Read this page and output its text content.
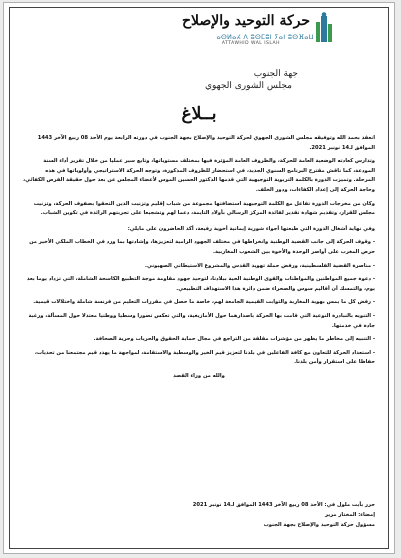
حركة التوحيد والإصلاح
ⴰⵙⵍⴰⵃ ⴷ ⵓⵙⵎⵓⵏ ⵢⴰⵏ ⵓⵙⴼⴰⵡ
ATTAWHID WAL ISLAH
جهة الجنوب
مجلس الشورى الجهوي
بــلاغ

انعقد بحمد الله وتوفيقه مجلس الشورى الجهوي لحركة التوحيد والإصلاح بجهة الجنوب في دورته الرابعة يوم الأحد 08 ربيع الآخر 1443 الموافق لـ14 نونبر 2021.

وتدارس كعادته الوضعية العامة للحركة، والظروف العامة المؤثرة فيها بمختلف مستوياتها، وتابع سير عمليا من خلال تقرير أداء السنة المودعة، كما ناقش مقترح البرنامج السنوي الجديد، في استحضار للظروف المذكورة، وتوجه الحركة الاستراتيجي وأولوياتها في هذه المرحلة. وتميزت الدورة بالكلمة التربوية التوجيهية التي قدمها الدكتور الحسين الموس لأعضاء المجلس عن بعد حول حقيقة الفرص الكفائي، وحاجة الحركة إلى إعداد الكفاءات، ودور الخلف.

وكان من مخرجات الدورة تفاعل مع الكلمة التوجيهية استضافتها مجموعة من شباب إقليم وتزنيت الذين التحقوا بصفوف الحركة، وتزنيت مجلس للقرار، وتقديم شهادة تقدير لفائدة المركز الرسالي بأولاد التايمة، دعما لهم وتشجيعا على تجربتهم الرائدة في تكوين الشباب.

وفي نهاية أشغال الدورة التي طبعتها أجواء شورية إيمانية أخوية رفيعة، أكد الحاضرون على مايلي:

- وقوف الحركة إلى جانب القضية الوطنية وانخراطها في مختلف الجهود الرامية لتعزيزها، وإشادتها بما ورد في الخطاب الملكي الأخير من حرص المغرب على أواصر الوحدة والأخوة بين الشعوب المغاربية.

- مناصرة القضية الفلسطينية، ورفض حملة تهويد القدس والمشروع الاستيطاني الصهيوني.

- دعوة جميع المواطنين والمواطنات والقوى الوطنية الحية ببلادنا، لتوحيد جهود مقاومة موجة التطبيع الكاسحة الشاملة، التي تزداد يوما بعد يوم، والتمسك أن أقاليم سوس والصحراء ضمن دائرة هذا الاستهداف التطبيعي.

- رفض كل ما يمس بهوية المغاربة والثوابت القيمية الجامعة لهم، خاصة ما حصل في مقررات التعليم من فرنسة شاملة واختلالات قيمية.

- التنويه بالنبادرة النوعية التي قامت بها الحركة باصدارهما حول الأمازيغية، والتي تعكس تصورا وسطيا ووطنيا معتدلا حول المسألة، ورغبة جادة في خدمتها.

- التنبيه إلى مخاطر ما يظهر من مؤشرات مقلقة من التراجع في مجال حماية الحقوق والحريات وحرية الصحافة.

- استعداد الحركة للتعاون مع كافة الفاعلين في بلدنا لتعزيز قيم الخير والوسطية والاستقامة، لمواجهة ما يهدد قيم مجتمعنا من تحديات، حفاظا على استقرار وأمن بلدنا.

والله من وراء القصد

حرر بأيت ملول في: الأحد 08 ربيع الآخر 1443 الموافق لـ14 نونبر 2021
إمضاء: المختار مرير
مسؤول حركة التوحيد والإصلاح بجهة الجنوب
